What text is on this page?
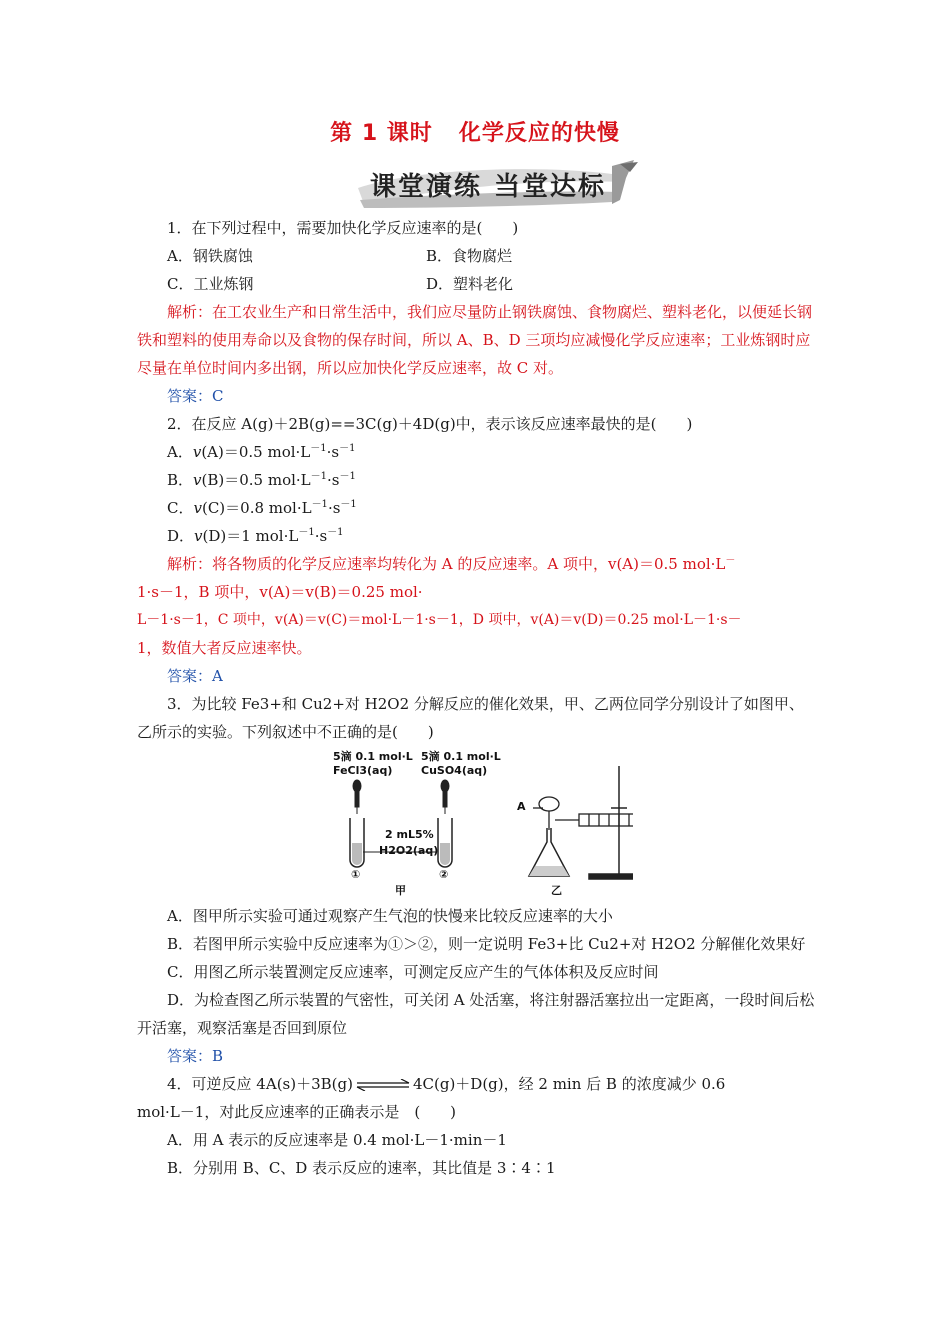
第 1 课时 化学反应的快慢
课堂演练 当堂达标

1．在下列过程中，需要加快化学反应速率的是(　　)

A．钢铁腐蚀	B．食物腐烂
C．工业炼钢	D．塑料老化

解析：在工农业生产和日常生活中，我们应尽量防止钢铁腐蚀、食物腐烂、塑料老化，以便延长钢铁和塑料的使用寿命以及食物的保存时间，所以 A、B、D 三项均应减慢化学反应速率；工业炼钢时应尽量在单位时间内多出钢，所以应加快化学反应速率，故 C 对。

答案：C

2．在反应 A(g)＋2B(g)==3C(g)＋4D(g)中，表示该反应速率最快的是(　　)

A．v(A)＝0.5 $mol\cdot L^{-1}\cdot s^{-1}$

B．v(B)＝0.5 $mol\cdot L^{-1}\cdot s^{-1}$

C．v(C)＝0.8 $mol\cdot L^{-1}\cdot s^{-1}$

D．v(D)＝1 $mol\cdot L^{-1}\cdot s^{-1}$

解析：将各物质的化学反应速率均转化为 A 的反应速率。A 项中，v(A)＝0.5 mol·L－

1·s－1，B 项中，v(A)＝v(B)＝0.25 mol·

L－1·s－1，C 项中，v(A)＝v(C)＝mol·L－1·s－1，D 项中，v(A)＝v(D)＝0.25 mol·L－1·s－

1，数值大者反应速率快。

答案：A

3．为比较 Fe3+和 Cu2+对 H2O2 分解反应的催化效果，甲、乙两位同学分别设计了如图甲、乙所示的实验。下列叙述中不正确的是(　　)

5滴 0.1 mol·L
FeCl3(aq)
5滴 0.1 mol·L
CuSO4(aq)
2 mL5%
H2O2(aq)
①	②
甲
A
乙

A．图甲所示实验可通过观察产生气泡的快慢来比较反应速率的大小

B．若图甲所示实验中反应速率为①＞②，则一定说明 Fe3+比 Cu2+对 H2O2 分解催化效果好

C．用图乙所示装置测定反应速率，可测定反应产生的气体体积及反应时间

D．为检查图乙所示装置的气密性，可关闭 A 处活塞，将注射器活塞拉出一定距离，一段时间后松开活塞，观察活塞是否回到原位

答案：B

4．可逆反应 4A(s)＋3B(g) ⇌ 4C(g)＋D(g)，经 2 min 后 B 的浓度减少 0.6

mol·L－1，对此反应速率的正确表示是　(　　)

A．用 A 表示的反应速率是 0.4 mol·L－1·min－1

B．分别用 B、C、D 表示反应的速率，其比值是 3∶4∶1
